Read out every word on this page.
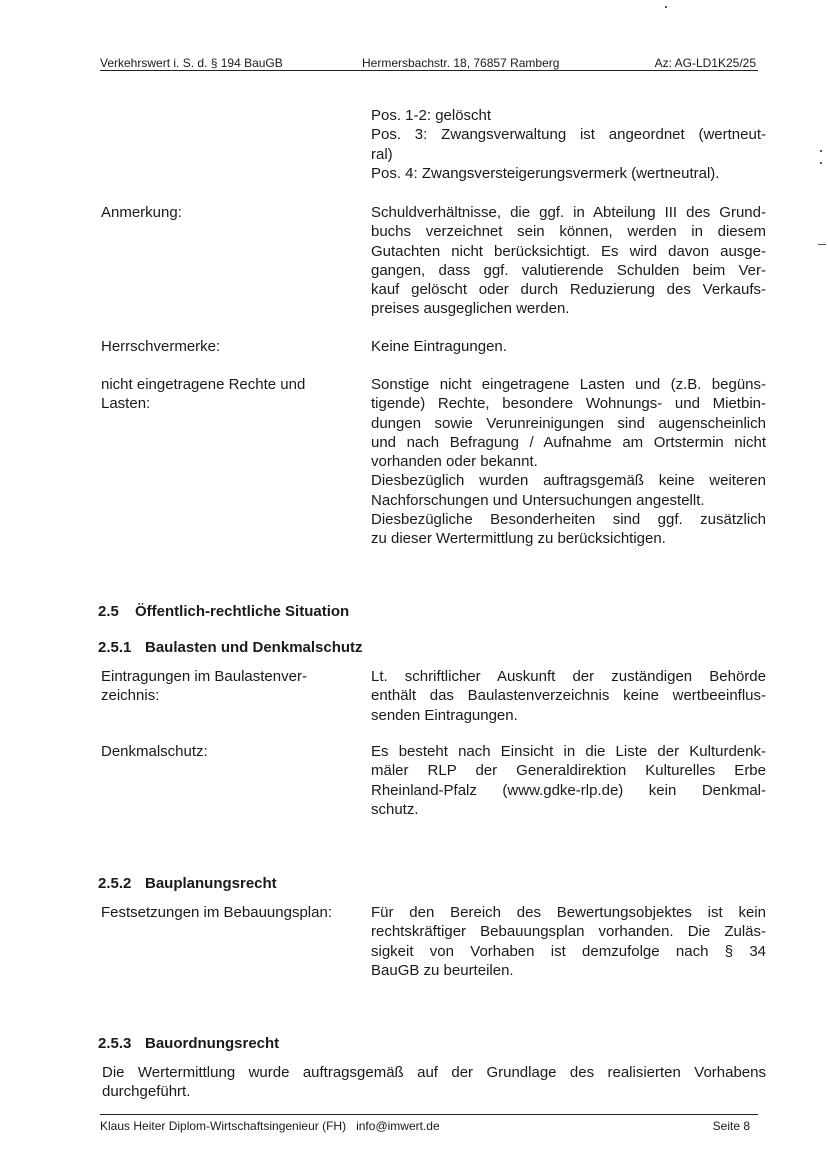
Verkehrswert i. S. d. § 194 BauGB	Hermersbachstr. 18, 76857 Ramberg	Az: AG-LD1K25/25
Pos. 1-2: gelöscht
Pos. 3: Zwangsverwaltung ist angeordnet (wertneut-
ral)
Pos. 4: Zwangsversteigerungsvermerk (wertneutral).
Anmerkung:	Schuldverhältnisse, die ggf. in Abteilung III des Grund-
buchs verzeichnet sein können, werden in diesem
Gutachten nicht berücksichtigt. Es wird davon ausge-
gangen, dass ggf. valutierende Schulden beim Ver-
kauf gelöscht oder durch Reduzierung des Verkaufs-
preises ausgeglichen werden.
Herrschvermerke:	Keine Eintragungen.
nicht eingetragene Rechte und
Lasten:
Sonstige nicht eingetragene Lasten und (z.B. begüns-
tigende) Rechte, besondere Wohnungs- und Mietbin-
dungen sowie Verunreinigungen sind augenscheinlich
und nach Befragung / Aufnahme am Ortstermin nicht
vorhanden oder bekannt.
Diesbezüglich wurden auftragsgemäß keine weiteren
Nachforschungen und Untersuchungen angestellt.
Diesbezügliche Besonderheiten sind ggf. zusätzlich
zu dieser Wertermittlung zu berücksichtigen.
2.5 Öffentlich-rechtliche Situation
2.5.1 Baulasten und Denkmalschutz
Eintragungen im Baulastenver-
zeichnis:
Lt. schriftlicher Auskunft der zuständigen Behörde
enthält das Baulastenverzeichnis keine wertbeeinflus-
senden Eintragungen.
Denkmalschutz:	Es besteht nach Einsicht in die Liste der Kulturdenk-
mäler RLP der Generaldirektion Kulturelles Erbe
Rheinland-Pfalz (www.gdke-rlp.de) kein Denkmal-
schutz.
2.5.2 Bauplanungsrecht
Festsetzungen im Bebauungsplan:	Für den Bereich des Bewertungsobjektes ist kein
rechtskräftiger Bebauungsplan vorhanden. Die Zuläs-
sigkeit von Vorhaben ist demzufolge nach § 34
BauGB zu beurteilen.
2.5.3 Bauordnungsrecht
Die Wertermittlung wurde auftragsgemäß auf der Grundlage des realisierten Vorhabens
durchgeführt.
Klaus Heiter Diplom-Wirtschaftsingenieur (FH) info@imwert.de	Seite 8
